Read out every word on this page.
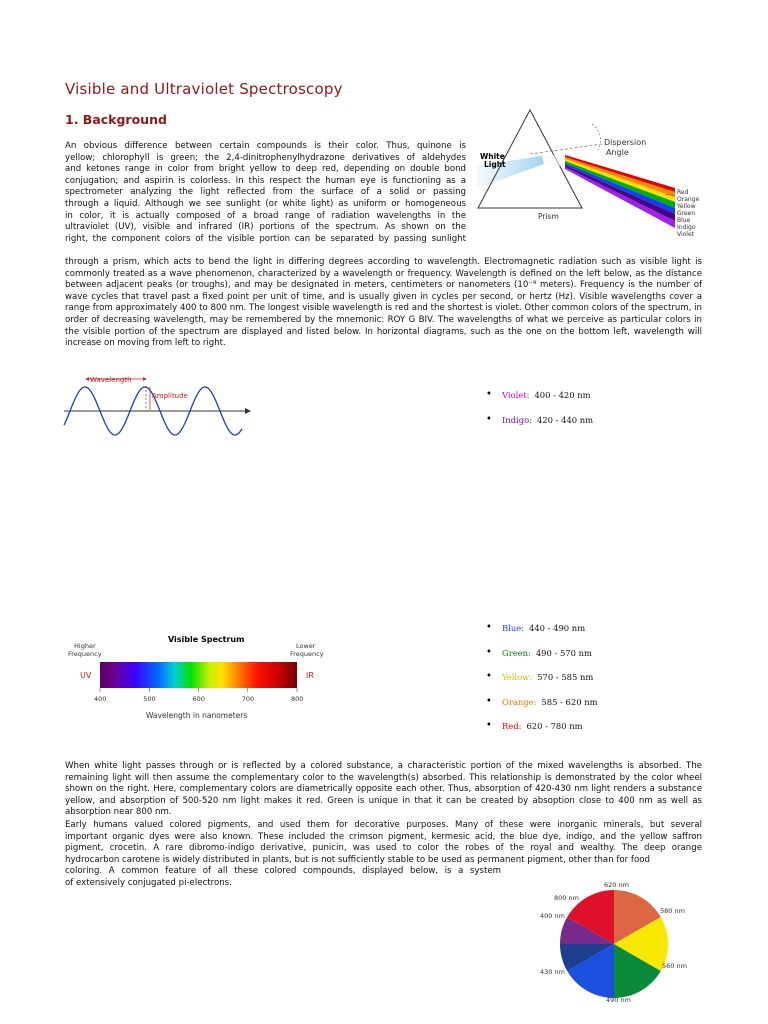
Visible and Ultraviolet Spectroscopy
1. Background
An obvious difference between certain compounds is their color. Thus, quinone is
yellow; chlorophyll is green; the 2,4-dinitrophenylhydrazone derivatives of aldehydes
and ketones range in color from bright yellow to deep red, depending on double bond
conjugation; and aspirin is colorless. In this respect the human eye is functioning as a
spectrometer analyzing the light reflected from the surface of a solid or passing
through a liquid. Although we see sunlight (or white light) as uniform or homogeneous
in color, it is actually composed of a broad range of radiation wavelengths in the
ultraviolet (UV), visible and infrared (IR) portions of the spectrum. As shown on the
right, the component colors of the visible portion can be separated by passing sunlight
through a prism, which acts to bend the light in differing degrees according to wavelength. Electromagnetic radiation such as visible light is commonly treated as a wave phenomenon, characterized by a wavelength or frequency. Wavelength is defined on the left below, as the distance between adjacent peaks (or troughs), and may be designated in meters, centimeters or nanometers (10⁻⁹ meters). Frequency is the number of wave cycles that travel past a fixed point per unit of time, and is usually given in cycles per second, or hertz (Hz). Visible wavelengths cover a range from approximately 400 to 800 nm. The longest visible wavelength is red and the shortest is violet. Other common colors of the spectrum, in order of decreasing wavelength, may be remembered by the mnemonic: ROY G BIV. The wavelengths of what we perceive as particular colors in the visible portion of the spectrum are displayed and listed below. In horizontal diagrams, such as the one on the bottom left, wavelength will increase on moving from left to right.
White
Light
Dispersion
Angle
Prism
Red
Orange
Yellow
Green
Blue
Indigo
Violet
Wavelength
Amplitude
•	Violet: 400 - 420 nm
• Indigo: 420 - 440 nm
Visible Spectrum
Higher
Frequency
Lower
Frequency
UV	IR
400	500	600	700	800
Wavelength in nanometers
• Blue: 440 - 490 nm
• Green: 490 - 570 nm
• Yellow: 570 - 585 nm
• Orange: 585 - 620 nm
• Red: 620 - 780 nm
When white light passes through or is reflected by a colored substance, a characteristic portion of the mixed wavelengths is absorbed. The remaining light will then assume the complementary color to the wavelength(s) absorbed. This relationship is demonstrated by the color wheel shown on the right. Here, complementary colors are diametrically opposite each other. Thus, absorption of 420-430 nm light renders a substance yellow, and absorption of 500-520 nm light makes it red. Green is unique in that it can be created by absoption close to 400 nm as well as absorption near 800 nm.
Early humans valued colored pigments, and used them for decorative purposes. Many of these were inorganic minerals, but several
important organic dyes were also known. These included the crimson pigment, kermesic acid, the blue dye, indigo, and the yellow saffron
pigment, crocetin. A rare dibromo-indigo derivative, punicin, was used to color the robes of the royal and wealthy. The deep orange
hydrocarbon carotene is widely distributed in plants, but is not sufficiently stable to be used as permanent pigment, other than for food
coloring. A common feature of all these colored compounds, displayed below, is a system
of extensively conjugated pi-electrons.	620 nm
580 nm
560 nm
490 nm
430 nm
400 nm
800 nm
